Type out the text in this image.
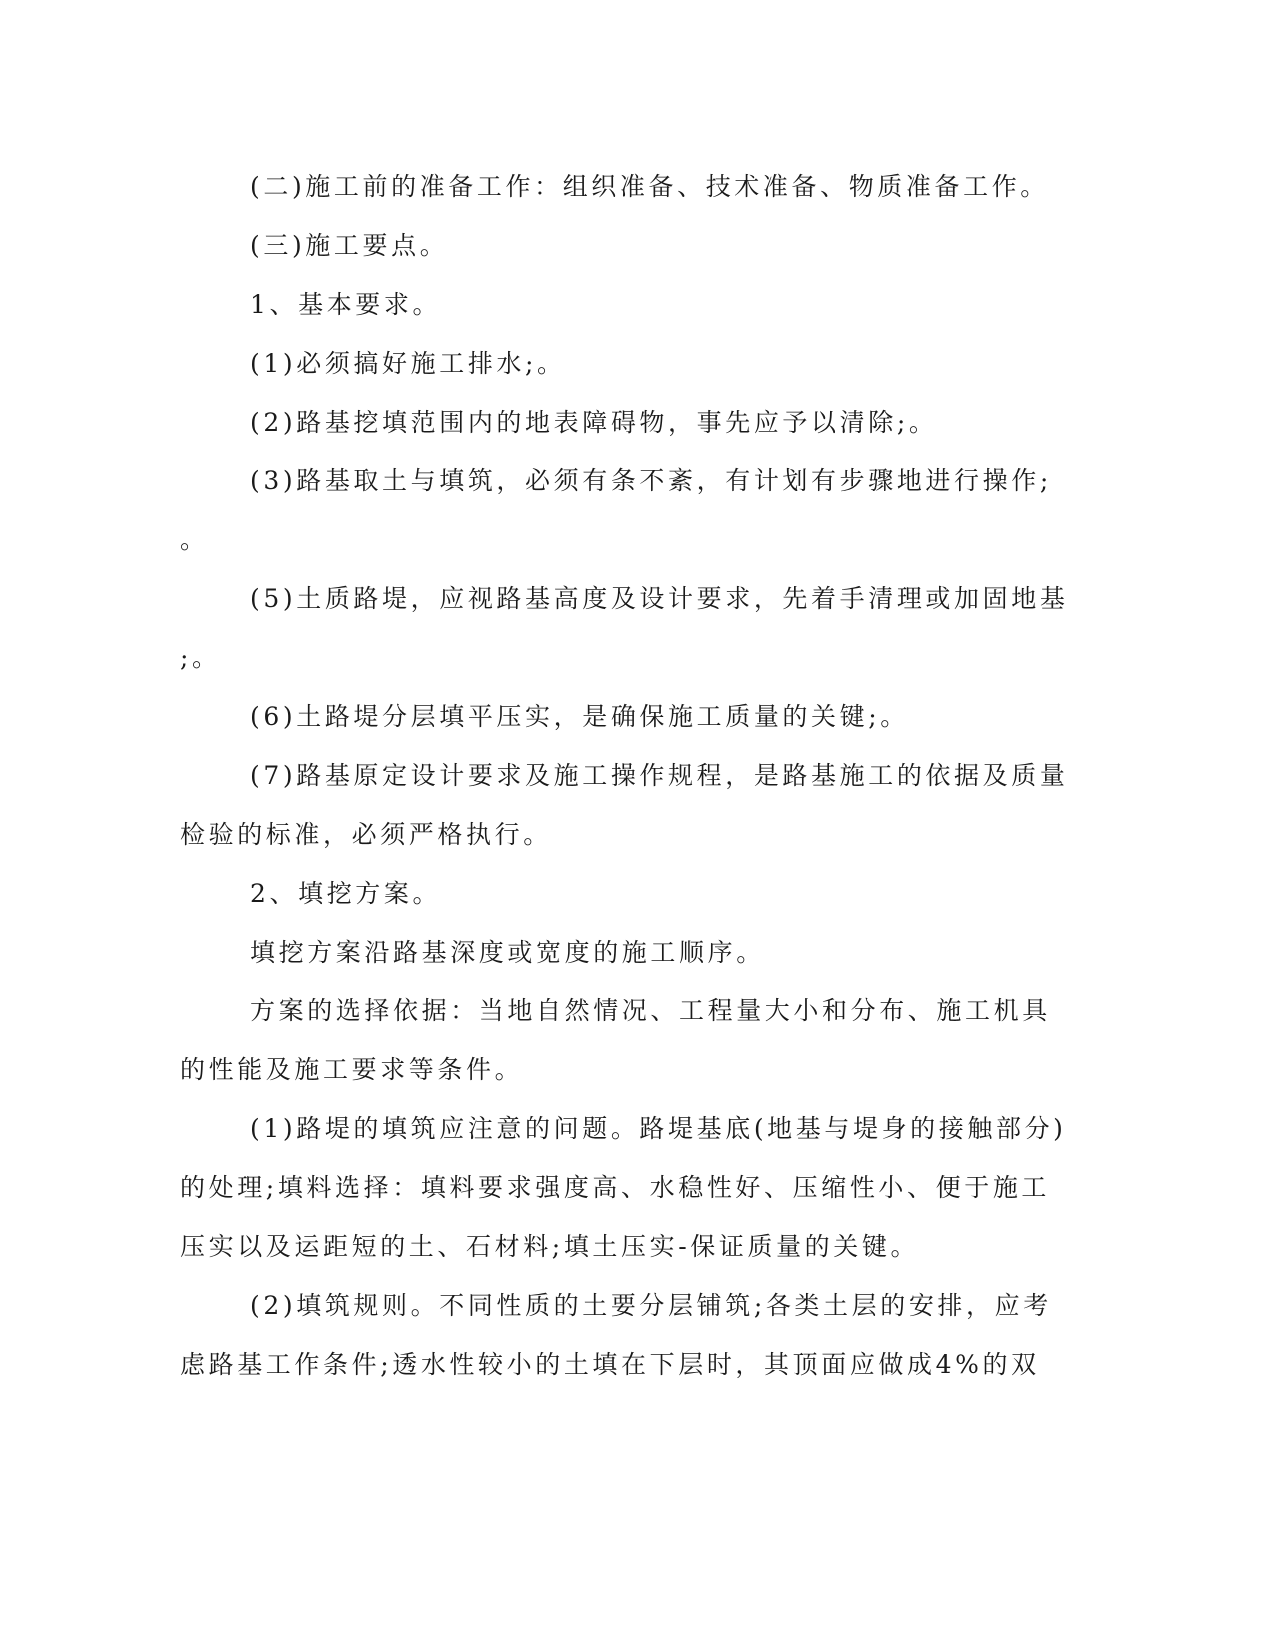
(二)施工前的准备工作：组织准备、技术准备、物质准备工作。
(三)施工要点。
1、基本要求。
(1)必须搞好施工排水;。
(2)路基挖填范围内的地表障碍物，事先应予以清除;。
(3)路基取土与填筑，必须有条不紊，有计划有步骤地进行操作;
。
(5)土质路堤，应视路基高度及设计要求，先着手清理或加固地基
;。
(6)土路堤分层填平压实，是确保施工质量的关键;。
(7)路基原定设计要求及施工操作规程，是路基施工的依据及质量
检验的标准，必须严格执行。
2、填挖方案。
填挖方案沿路基深度或宽度的施工顺序。
方案的选择依据：当地自然情况、工程量大小和分布、施工机具
的性能及施工要求等条件。
(1)路堤的填筑应注意的问题。路堤基底(地基与堤身的接触部分)
的处理;填料选择：填料要求强度高、水稳性好、压缩性小、便于施工
压实以及运距短的土、石材料;填土压实-保证质量的关键。
(2)填筑规则。不同性质的土要分层铺筑;各类土层的安排，应考
虑路基工作条件;透水性较小的土填在下层时，其顶面应做成4%的双
